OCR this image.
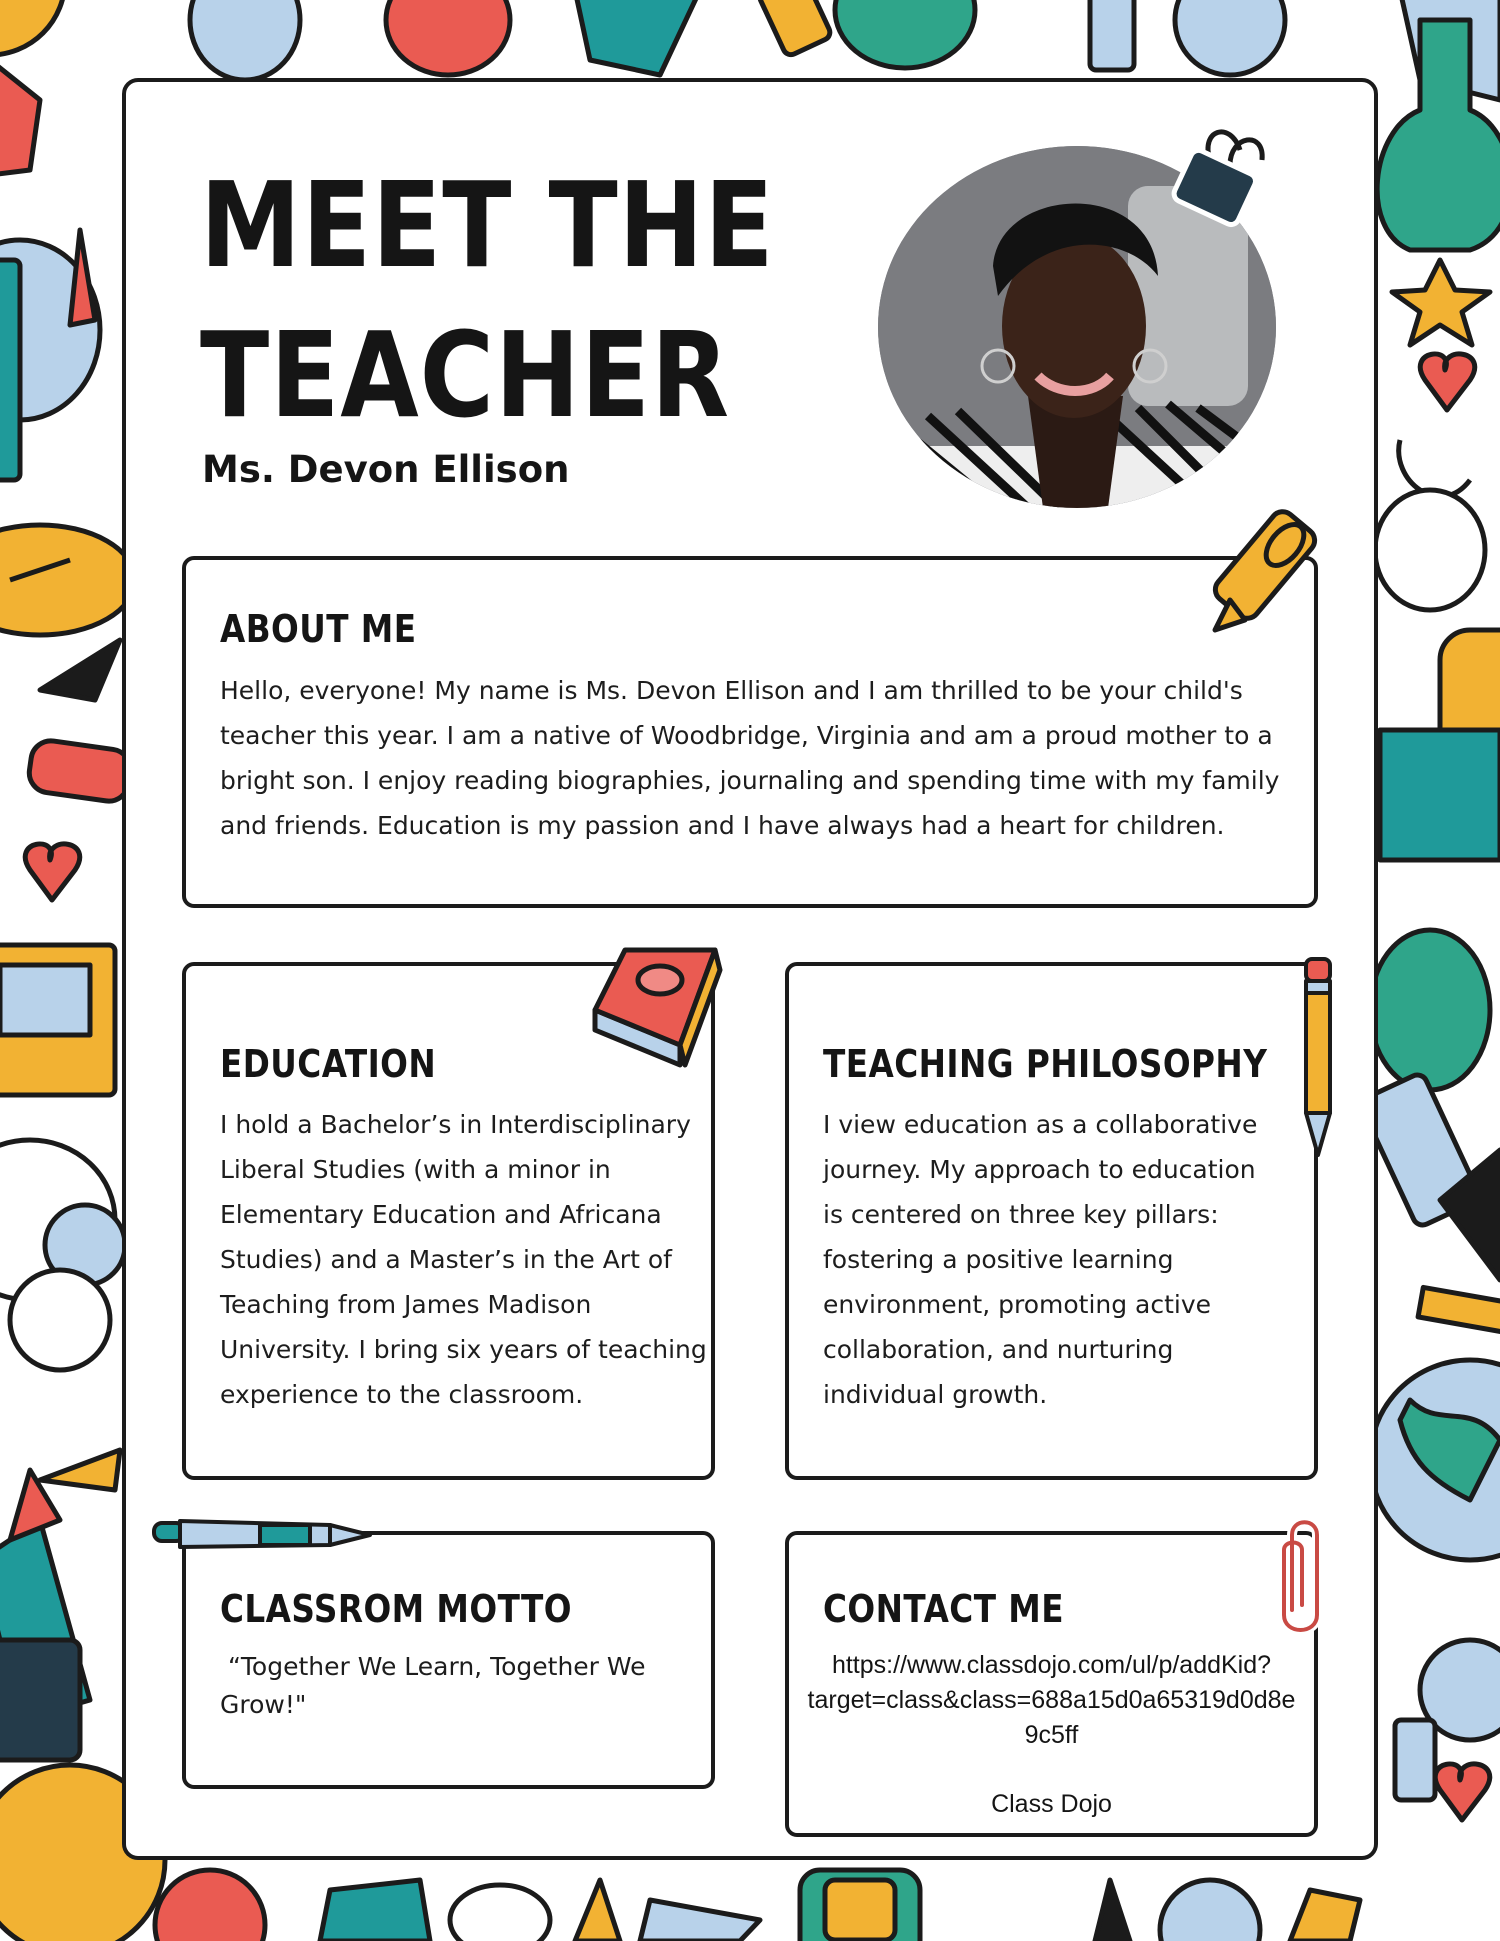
MEET THE
TEACHER
Ms. Devon Ellison
ABOUT ME

Hello, everyone! My name is Ms. Devon Ellison and I am thrilled to be your child's
teacher this year. I am a native of Woodbridge, Virginia and am a proud mother to a
bright son. I enjoy reading biographies, journaling and spending time with my family
and friends. Education is my passion and I have always had a heart for children.

EDUCATION

I hold a Bachelor’s in Interdisciplinary
Liberal Studies (with a minor in
Elementary Education and Africana
Studies) and a Master’s in the Art of
Teaching from James Madison
University. I bring six years of teaching
experience to the classroom.

TEACHING PHILOSOPHY

I view education as a collaborative
journey. My approach to education
is centered on three key pillars:
fostering a positive learning
environment, promoting active
collaboration, and nurturing
individual growth.

CLASSROM MOTTO

“Together We Learn, Together We
Grow!"

CONTACT ME

https://www.classdojo.com/ul/p/addKid?
target=class&class=688a15d0a65319d0d8e
9c5ff

Class Dojo
